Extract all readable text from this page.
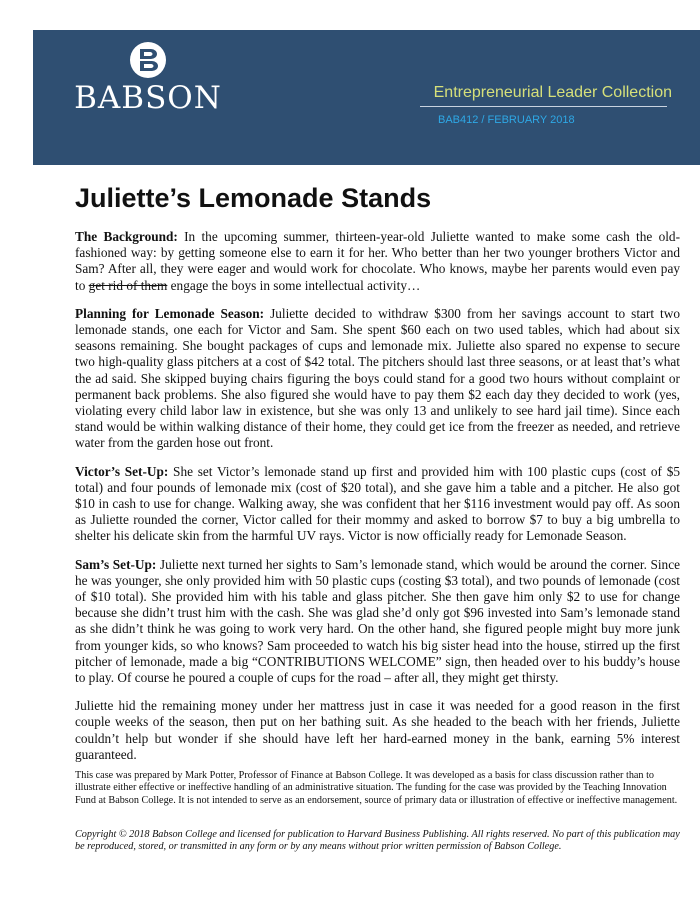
BABSON	Entrepreneurial Leader Collection
BAB412 / FEBRUARY 2018
Juliette’s Lemonade Stands

The Background: In the upcoming summer, thirteen-year-old Juliette wanted to make some cash the old-fashioned way: by getting someone else to earn it for her. Who better than her two younger brothers Victor and Sam? After all, they were eager and would work for chocolate. Who knows, maybe her parents would even pay to get rid of them engage the boys in some intellectual activity…

Planning for Lemonade Season: Juliette decided to withdraw $300 from her savings account to start two lemonade stands, one each for Victor and Sam. She spent $60 each on two used tables, which had about six seasons remaining. She bought packages of cups and lemonade mix. Juliette also spared no expense to secure two high-quality glass pitchers at a cost of $42 total. The pitchers should last three seasons, or at least that’s what the ad said. She skipped buying chairs figuring the boys could stand for a good two hours without complaint or permanent back problems. She also figured she would have to pay them $2 each day they decided to work (yes, violating every child labor law in existence, but she was only 13 and unlikely to see hard jail time). Since each stand would be within walking distance of their home, they could get ice from the freezer as needed, and retrieve water from the garden hose out front.

Victor’s Set-Up: She set Victor’s lemonade stand up first and provided him with 100 plastic cups (cost of $5 total) and four pounds of lemonade mix (cost of $20 total), and she gave him a table and a pitcher. He also got $10 in cash to use for change. Walking away, she was confident that her $116 investment would pay off. As soon as Juliette rounded the corner, Victor called for their mommy and asked to borrow $7 to buy a big umbrella to shelter his delicate skin from the harmful UV rays. Victor is now officially ready for Lemonade Season.

Sam’s Set-Up: Juliette next turned her sights to Sam’s lemonade stand, which would be around the corner. Since he was younger, she only provided him with 50 plastic cups (costing $3 total), and two pounds of lemonade (cost of $10 total). She provided him with his table and glass pitcher. She then gave him only $2 to use for change because she didn’t trust him with the cash. She was glad she’d only got $96 invested into Sam’s lemonade stand as she didn’t think he was going to work very hard. On the other hand, she figured people might buy more junk from younger kids, so who knows? Sam proceeded to watch his big sister head into the house, stirred up the first pitcher of lemonade, made a big “CONTRIBUTIONS WELCOME” sign, then headed over to his buddy’s house to play. Of course he poured a couple of cups for the road – after all, they might get thirsty.

Juliette hid the remaining money under her mattress just in case it was needed for a good reason in the first couple weeks of the season, then put on her bathing suit. As she headed to the beach with her friends, Juliette couldn’t help but wonder if she should have left her hard-earned money in the bank, earning 5% interest guaranteed.

This case was prepared by Mark Potter, Professor of Finance at Babson College. It was developed as a basis for class discussion rather than to illustrate either effective or ineffective handling of an administrative situation. The funding for the case was provided by the Teaching Innovation Fund at Babson College. It is not intended to serve as an endorsement, source of primary data or illustration of effective or ineffective management.
Copyright © 2018 Babson College and licensed for publication to Harvard Business Publishing. All rights reserved. No part of this publication may be reproduced, stored, or transmitted in any form or by any means without prior written permission of Babson College.
